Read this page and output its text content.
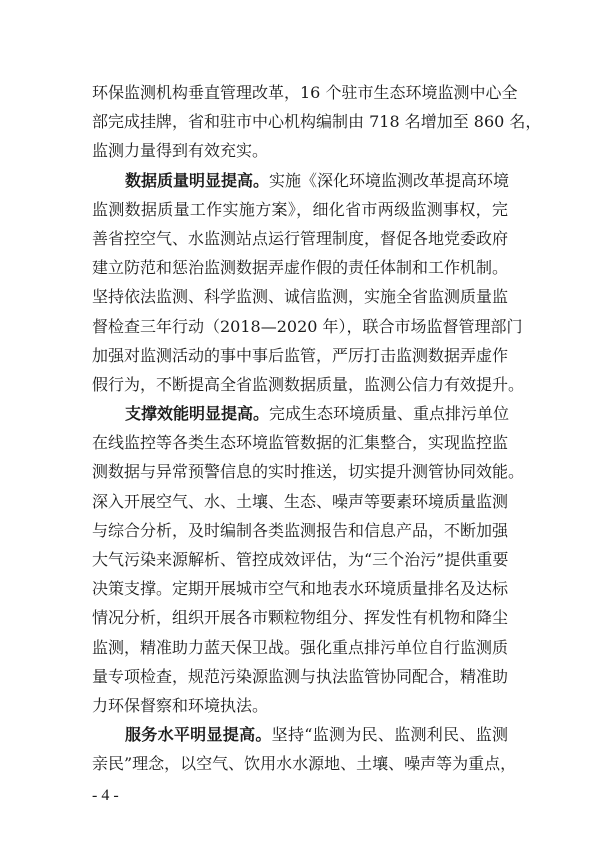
环保监测机构垂直管理改革，16 个驻市生态环境监测中心全
部完成挂牌，省和驻市中心机构编制由 718 名增加至 860 名，
监测力量得到有效充实。
数据质量明显提高。实施《深化环境监测改革提高环境
监测数据质量工作实施方案》，细化省市两级监测事权，完
善省控空气、水监测站点运行管理制度，督促各地党委政府
建立防范和惩治监测数据弄虚作假的责任体制和工作机制。
坚持依法监测、科学监测、诚信监测，实施全省监测质量监
督检查三年行动（2018—2020 年），联合市场监督管理部门
加强对监测活动的事中事后监管，严厉打击监测数据弄虚作
假行为，不断提高全省监测数据质量，监测公信力有效提升。
支撑效能明显提高。完成生态环境质量、重点排污单位
在线监控等各类生态环境监管数据的汇集整合，实现监控监
测数据与异常预警信息的实时推送，切实提升测管协同效能。
深入开展空气、水、土壤、生态、噪声等要素环境质量监测
与综合分析，及时编制各类监测报告和信息产品，不断加强
大气污染来源解析、管控成效评估，为“三个治污”提供重要
决策支撑。定期开展城市空气和地表水环境质量排名及达标
情况分析，组织开展各市颗粒物组分、挥发性有机物和降尘
监测，精准助力蓝天保卫战。强化重点排污单位自行监测质
量专项检查，规范污染源监测与执法监管协同配合，精准助
力环保督察和环境执法。
服务水平明显提高。坚持“监测为民、监测利民、监测
亲民”理念，以空气、饮用水水源地、土壤、噪声等为重点，
- 4 -
